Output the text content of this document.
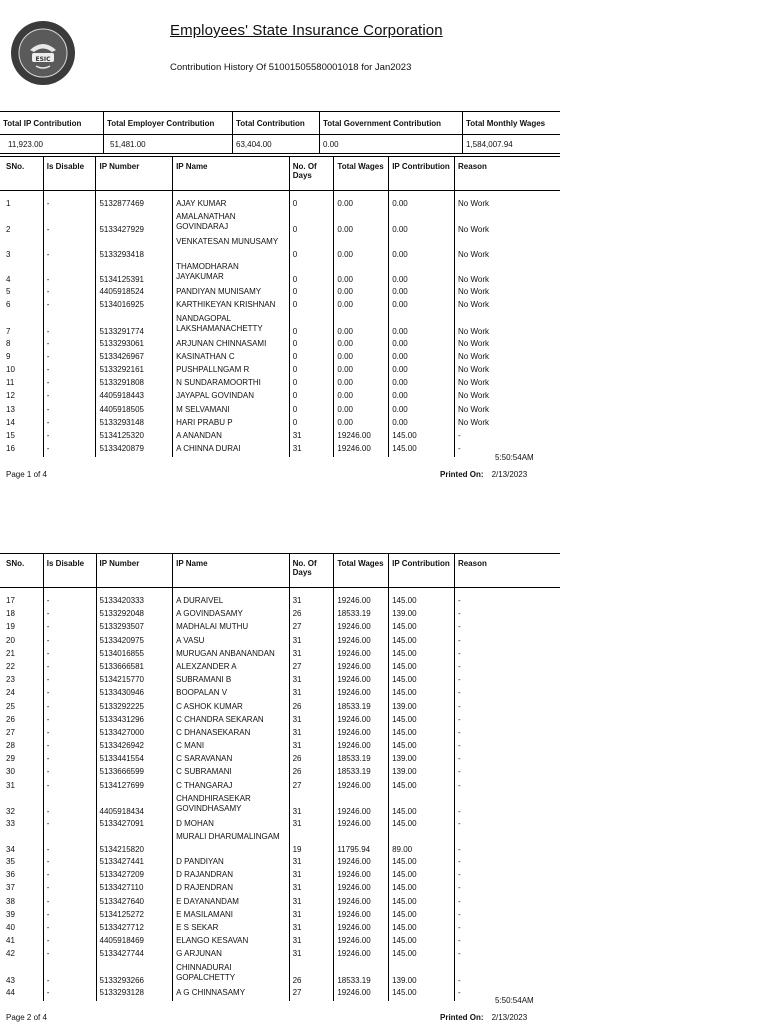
ESIC
Employees' State Insurance Corporation
Contribution History Of 51001505580001018 for Jan2023
Total IP Contribution	Total Employer Contribution	Total Contribution	Total Government Contribution	Total Monthly Wages
11,923.00	51,481.00	63,404.00	0.00	1,584,007.94
SNo.	Is Disable	IP Number	IP Name	No. Of Days	Total Wages	IP Contribution	Reason

1	-	5132877469	AJAY KUMAR	0	0.00	0.00	No Work
2	-	5133427929	AMALANATHAN GOVINDARAJ	0	0.00	0.00	No Work
3	-	5133293418	VENKATESAN MUNUSAMY	0	0.00	0.00	No Work
4	-	5134125391	THAMODHARAN JAYAKUMAR	0	0.00	0.00	No Work
5	-	4405918524	PANDIYAN MUNISAMY	0	0.00	0.00	No Work
6	-	5134016925	KARTHIKEYAN KRISHNAN	0	0.00	0.00	No Work
7	-	5133291774	NANDAGOPAL LAKSHAMANACHETTY	0	0.00	0.00	No Work
8	-	5133293061	ARJUNAN CHINNASAMI	0	0.00	0.00	No Work
9	-	5133426967	KASINATHAN C	0	0.00	0.00	No Work
10	-	5133292161	PUSHPALLNGAM R	0	0.00	0.00	No Work
11	-	5133291808	N SUNDARAMOORTHI	0	0.00	0.00	No Work
12	-	4405918443	JAYAPAL GOVINDAN	0	0.00	0.00	No Work
13	-	4405918505	M SELVAMANI	0	0.00	0.00	No Work
14	-	5133293148	HARI PRABU P	0	0.00	0.00	No Work
15	-	5134125320	A ANANDAN	31	19246.00	145.00	-
16	-	5133420879	A CHINNA DURAI	31	19246.00	145.00	-
5:50:54AM
Page 1 of 4	Printed On: 2/13/2023
SNo.	Is Disable	IP Number	IP Name	No. Of Days	Total Wages	IP Contribution	Reason

17	-	5133420333	A DURAIVEL	31	19246.00	145.00	-
18	-	5133292048	A GOVINDASAMY	26	18533.19	139.00	-
19	-	5133293507	MADHALAI MUTHU	27	19246.00	145.00	-
20	-	5133420975	A VASU	31	19246.00	145.00	-
21	-	5134016855	MURUGAN ANBANANDAN	31	19246.00	145.00	-
22	-	5133666581	ALEXZANDER A	27	19246.00	145.00	-
23	-	5134215770	SUBRAMANI B	31	19246.00	145.00	-
24	-	5133430946	BOOPALAN V	31	19246.00	145.00	-
25	-	5133292225	C ASHOK KUMAR	26	18533.19	139.00	-
26	-	5133431296	C CHANDRA SEKARAN	31	19246.00	145.00	-
27	-	5133427000	C DHANASEKARAN	31	19246.00	145.00	-
28	-	5133426942	C MANI	31	19246.00	145.00	-
29	-	5133441554	C SARAVANAN	26	18533.19	139.00	-
30	-	5133666599	C SUBRAMANI	26	18533.19	139.00	-
31	-	5134127699	C THANGARAJ	27	19246.00	145.00	-
32	-	4405918434	CHANDHIRASEKAR GOVINDHASAMY	31	19246.00	145.00	-
33	-	5133427091	D MOHAN	31	19246.00	145.00	-
34	-	5134215820	MURALI DHARUMALINGAM	19	11795.94	89.00	-
35	-	5133427441	D PANDIYAN	31	19246.00	145.00	-
36	-	5133427209	D RAJANDRAN	31	19246.00	145.00	-
37	-	5133427110	D RAJENDRAN	31	19246.00	145.00	-
38	-	5133427640	E DAYANANDAM	31	19246.00	145.00	-
39	-	5134125272	E MASILAMANI	31	19246.00	145.00	-
40	-	5133427712	E S SEKAR	31	19246.00	145.00	-
41	-	4405918469	ELANGO KESAVAN	31	19246.00	145.00	-
42	-	5133427744	G ARJUNAN	31	19246.00	145.00	-
43	-	5133293266	CHINNADURAI GOPALCHETTY	26	18533.19	139.00	-
44	-	5133293128	A G CHINNASAMY	27	19246.00	145.00	-
5:50:54AM
Page 2 of 4	Printed On: 2/13/2023
